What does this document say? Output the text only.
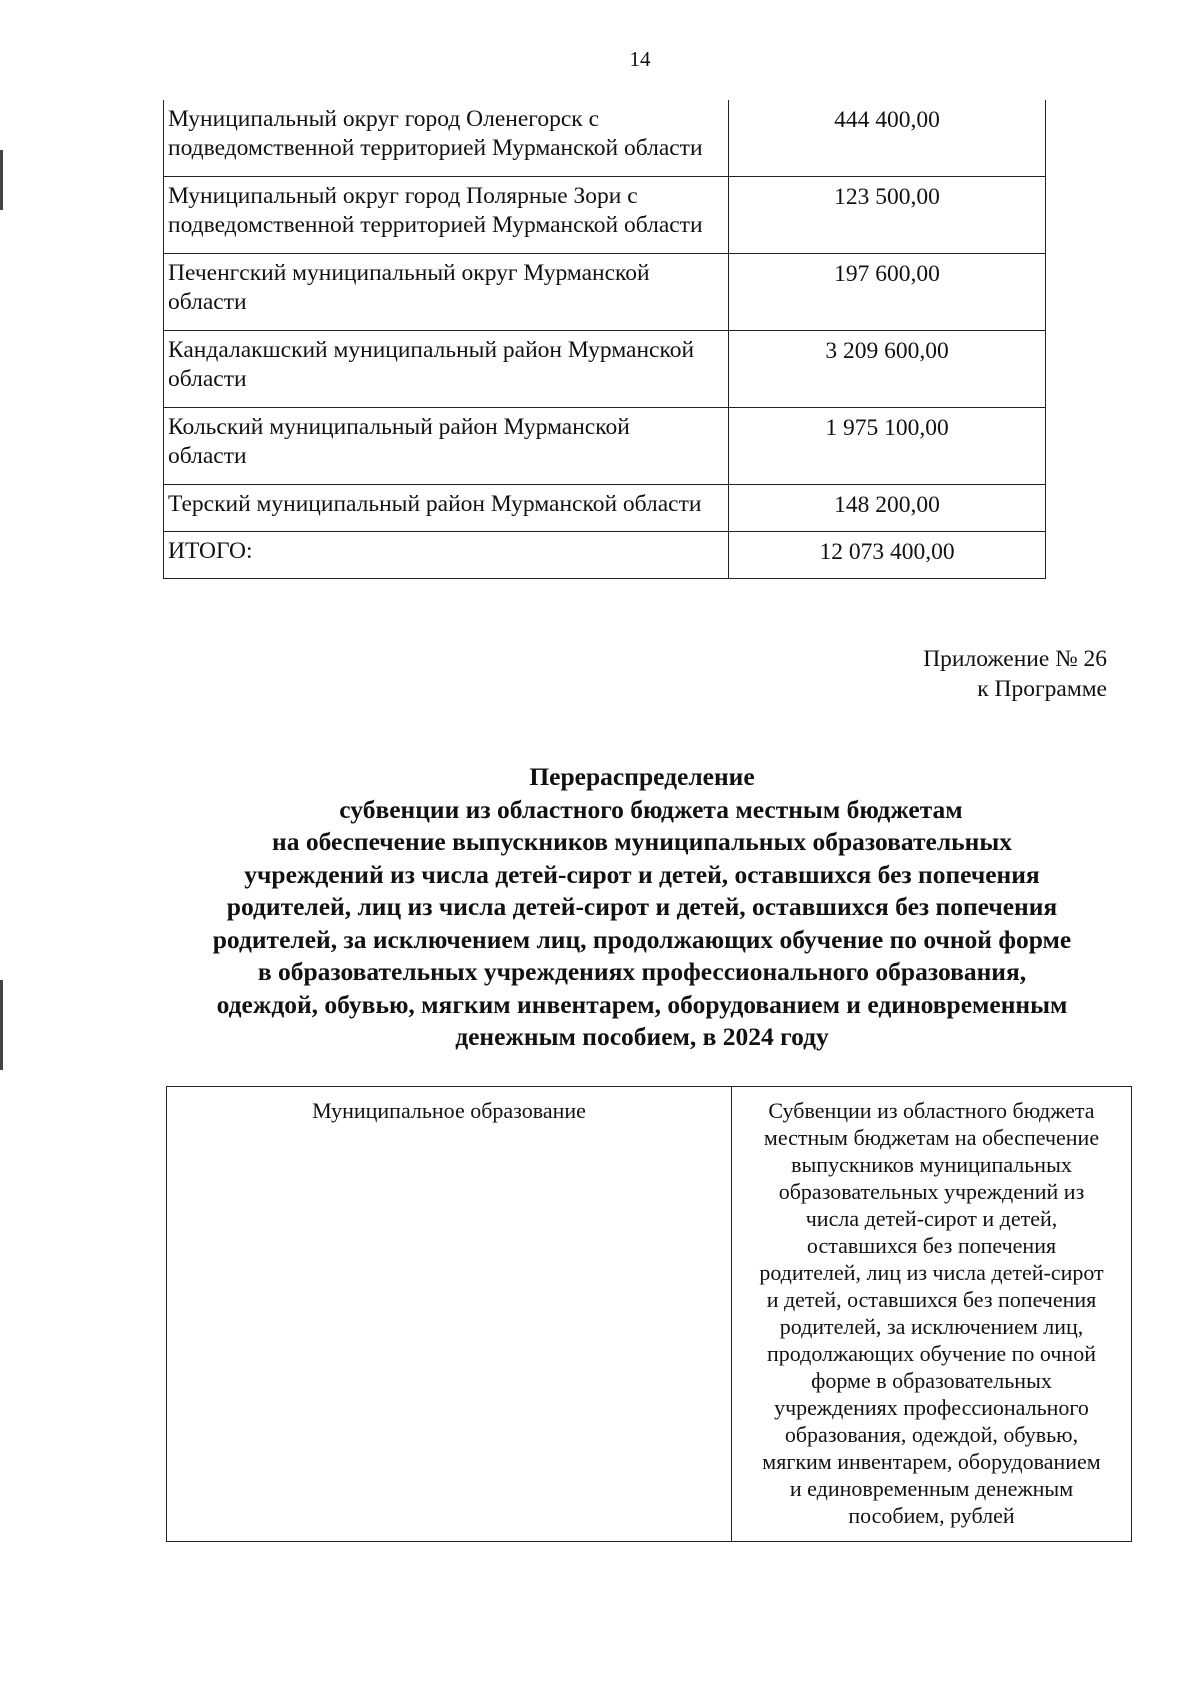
14
Муниципальный округ город Оленегорск с
подведомственной территорией Мурманской области	444 400,00
Муниципальный округ город Полярные Зори с
подведомственной территорией Мурманской области	123 500,00
Печенгский муниципальный округ Мурманской
области	197 600,00
Кандалакшский муниципальный район Мурманской
области	3 209 600,00
Кольский муниципальный район Мурманской
области	1 975 100,00
Терский муниципальный район Мурманской области	148 200,00
ИТОГО:	12 073 400,00
Приложение № 26
к Программе
Перераспределение
субвенции из областного бюджета местным бюджетам
на обеспечение выпускников муниципальных образовательных
учреждений из числа детей-сирот и детей, оставшихся без попечения
родителей, лиц из числа детей-сирот и детей, оставшихся без попечения
родителей, за исключением лиц, продолжающих обучение по очной форме
в образовательных учреждениях профессионального образования,
одеждой, обувью, мягким инвентарем, оборудованием и единовременным
денежным пособием, в 2024 году
Муниципальное образование	Субвенции из областного бюджета
местным бюджетам на обеспечение
выпускников муниципальных
образовательных учреждений из
числа детей-сирот и детей,
оставшихся без попечения
родителей, лиц из числа детей-сирот
и детей, оставшихся без попечения
родителей, за исключением лиц,
продолжающих обучение по очной
форме в образовательных
учреждениях профессионального
образования, одеждой, обувью,
мягким инвентарем, оборудованием
и единовременным денежным
пособием, рублей
